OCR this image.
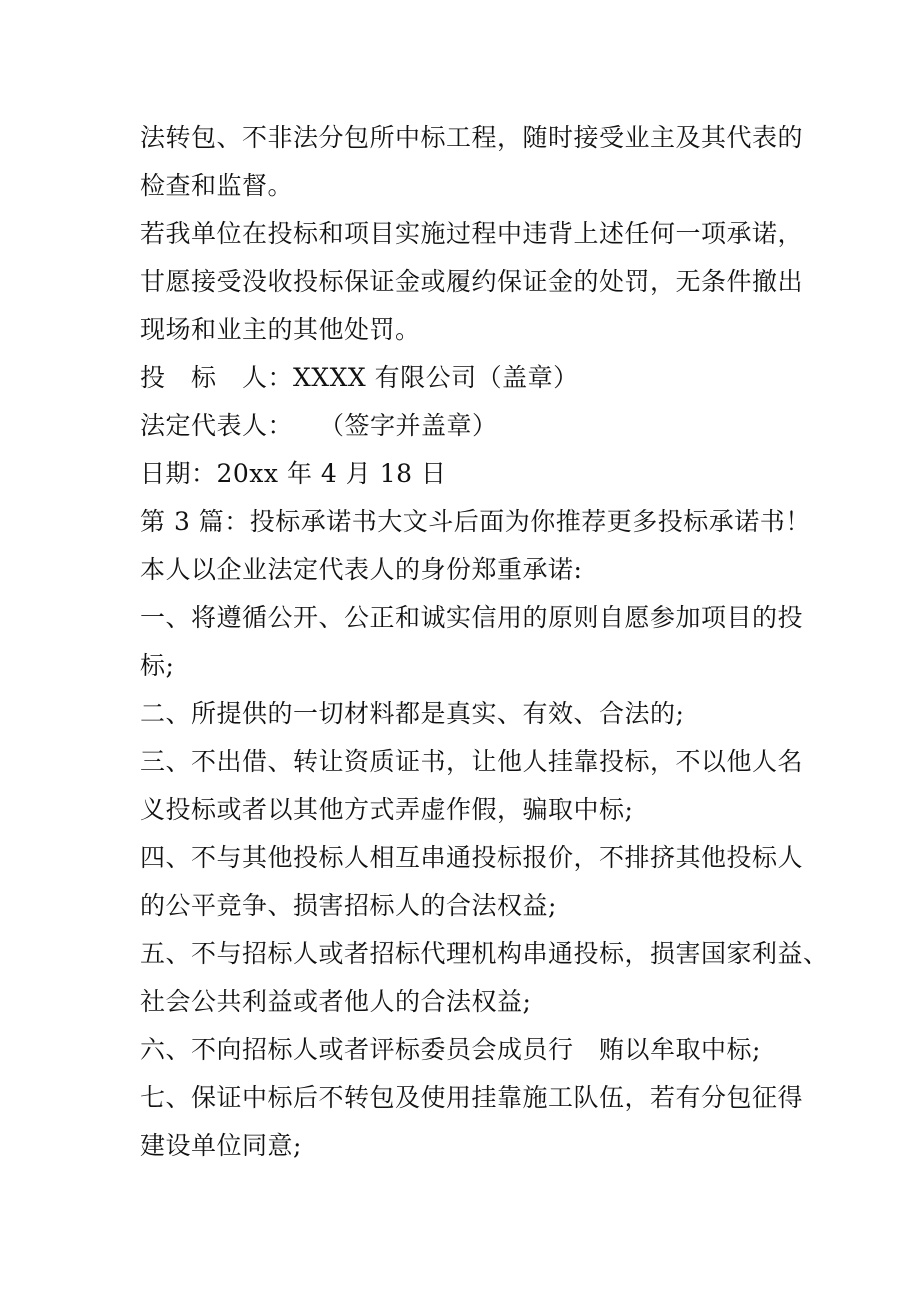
法转包、不非法分包所中标工程，随时接受业主及其代表的
检查和监督。
若我单位在投标和项目实施过程中违背上述任何一项承诺，
甘愿接受没收投标保证金或履约保证金的处罚，无条件撤出
现场和业主的其他处罚。
投　标　人：XXXX 有限公司（盖章）
法定代表人：　　（签字并盖章）
日期：20xx 年 4 月 18 日
第 3 篇：投标承诺书大文斗后面为你推荐更多投标承诺书！
本人以企业法定代表人的身份郑重承诺:
一、将遵循公开、公正和诚实信用的原则自愿参加项目的投
标;
二、所提供的一切材料都是真实、有效、合法的;
三、不出借、转让资质证书，让他人挂靠投标，不以他人名
义投标或者以其他方式弄虚作假，骗取中标;
四、不与其他投标人相互串通投标报价，不排挤其他投标人
的公平竞争、损害招标人的合法权益;
五、不与招标人或者招标代理机构串通投标，损害国家利益、
社会公共利益或者他人的合法权益;
六、不向招标人或者评标委员会成员行　贿以牟取中标;
七、保证中标后不转包及使用挂靠施工队伍，若有分包征得
建设单位同意;
